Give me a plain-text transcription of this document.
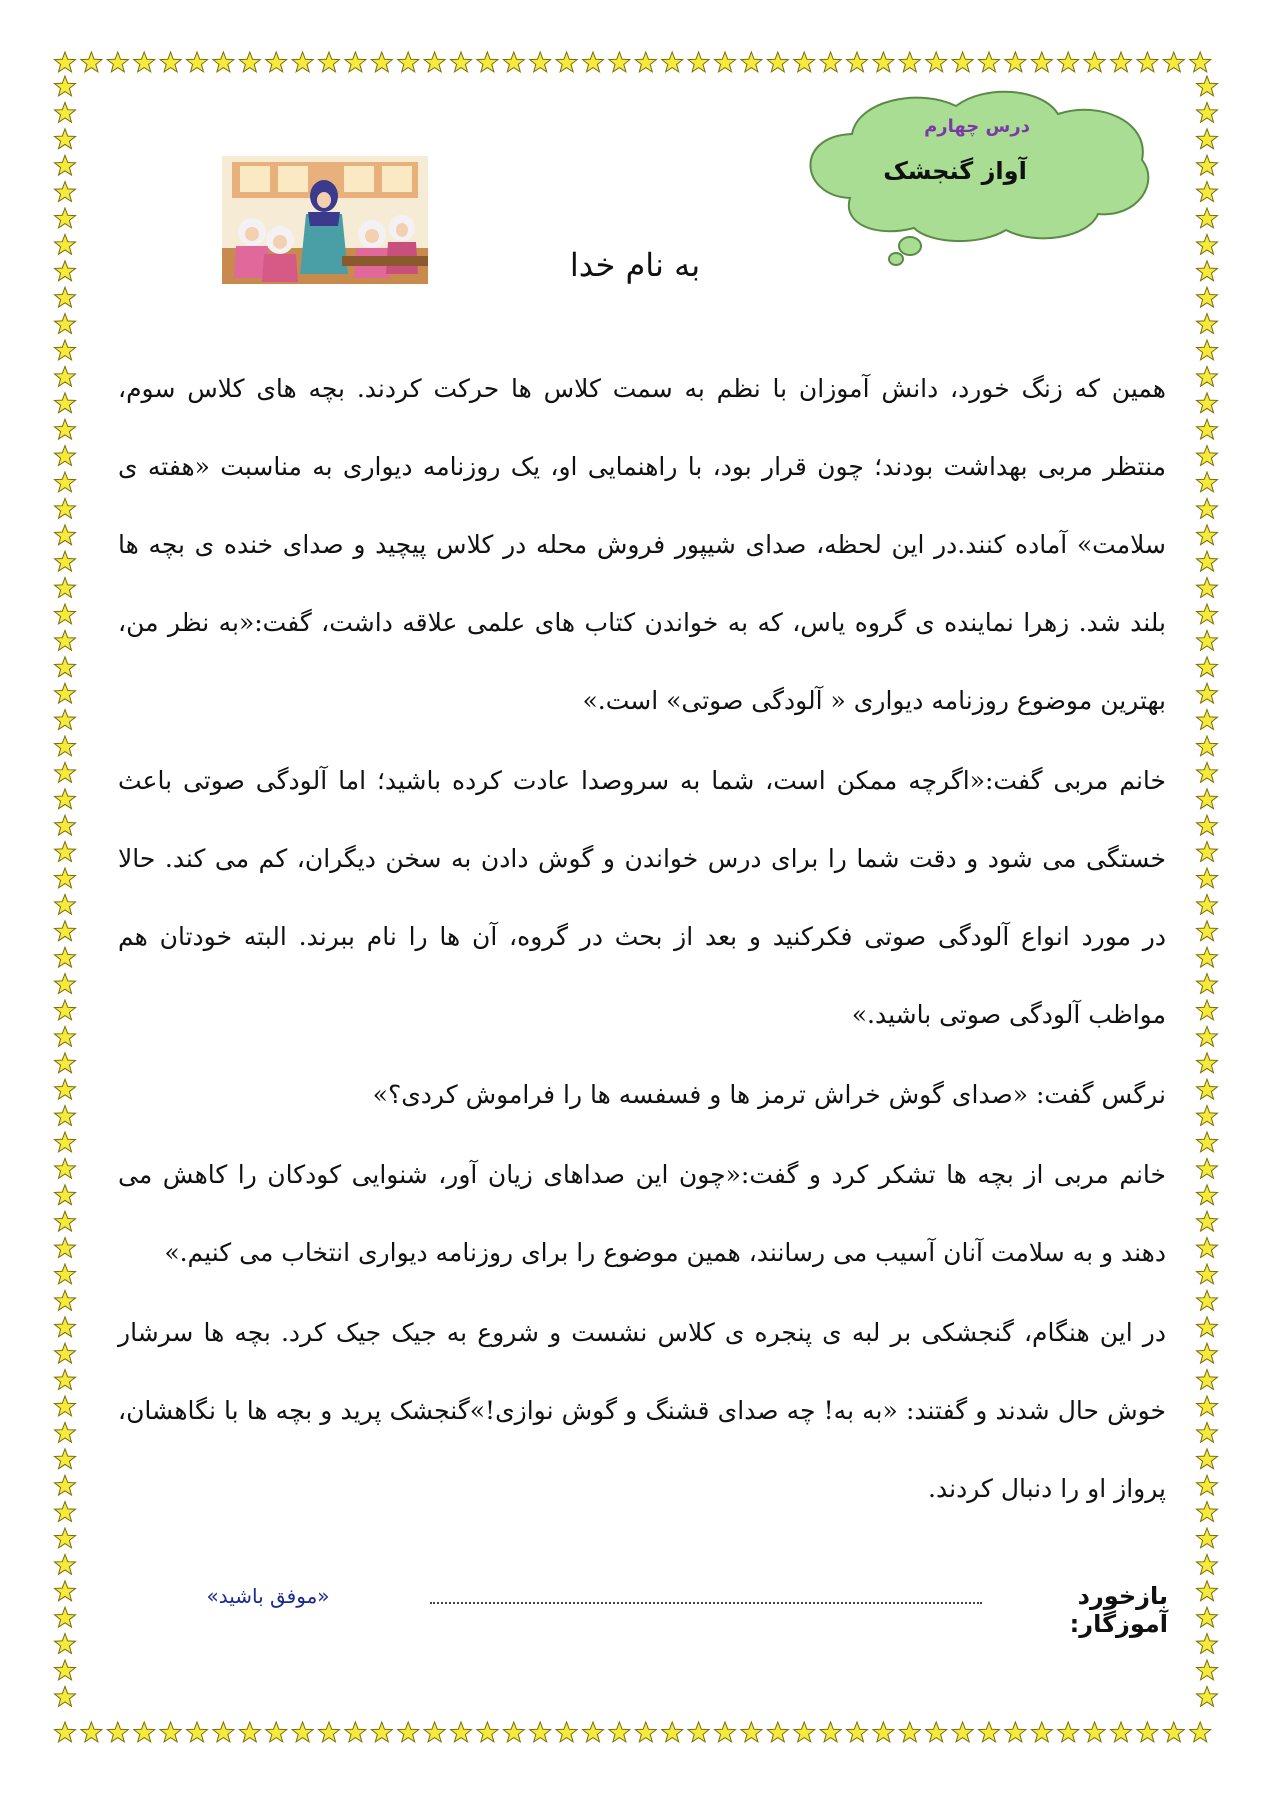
درس چهارم
آواز گنجشک
به نام خدا

همین که زنگ خورد، دانش آموزان با نظم به سمت کلاس ها حرکت کردند. بچه های کلاس سوم، منتظر مربی بهداشت بودند؛ چون قرار بود، با راهنمایی او، یک روزنامه دیواری به مناسبت «هفته ی سلامت» آماده کنند.در این لحظه، صدای شیپور فروش محله در کلاس پیچید و صدای خنده ی بچه ها بلند شد. زهرا نماینده ی گروه یاس، که به خواندن کتاب های علمی علاقه داشت، گفت:«به نظر من، بهترین موضوع روزنامه دیواری « آلودگی صوتی» است.»

خانم مربی گفت:«اگرچه ممکن است، شما به سروصدا عادت کرده باشید؛ اما آلودگی صوتی باعث خستگی می شود و دقت شما را برای درس خواندن و گوش دادن به سخن دیگران، کم می کند. حالا در مورد انواع آلودگی صوتی فکرکنید و بعد از بحث در گروه، آن ها را نام ببرند. البته خودتان هم مواظب آلودگی صوتی باشید.»

نرگس گفت: «صدای گوش خراش ترمز ها و فسفسه ها را فراموش کردی؟»

خانم مربی از بچه ها تشکر کرد و گفت:«چون این صداهای زیان آور، شنوایی کودکان را کاهش می دهند و به سلامت آنان آسیب می رسانند، همین موضوع را برای روزنامه دیواری انتخاب می کنیم.»

در این هنگام، گنجشکی بر لبه ی پنجره ی کلاس نشست و شروع به جیک جیک کرد. بچه ها سرشار خوش حال شدند و گفتند: «به به! چه صدای قشنگ و گوش نوازی!»گنجشک پرید و بچه ها با نگاهشان، پرواز او را دنبال کردند.

بازخورد آموزگار:
«موفق باشید»
